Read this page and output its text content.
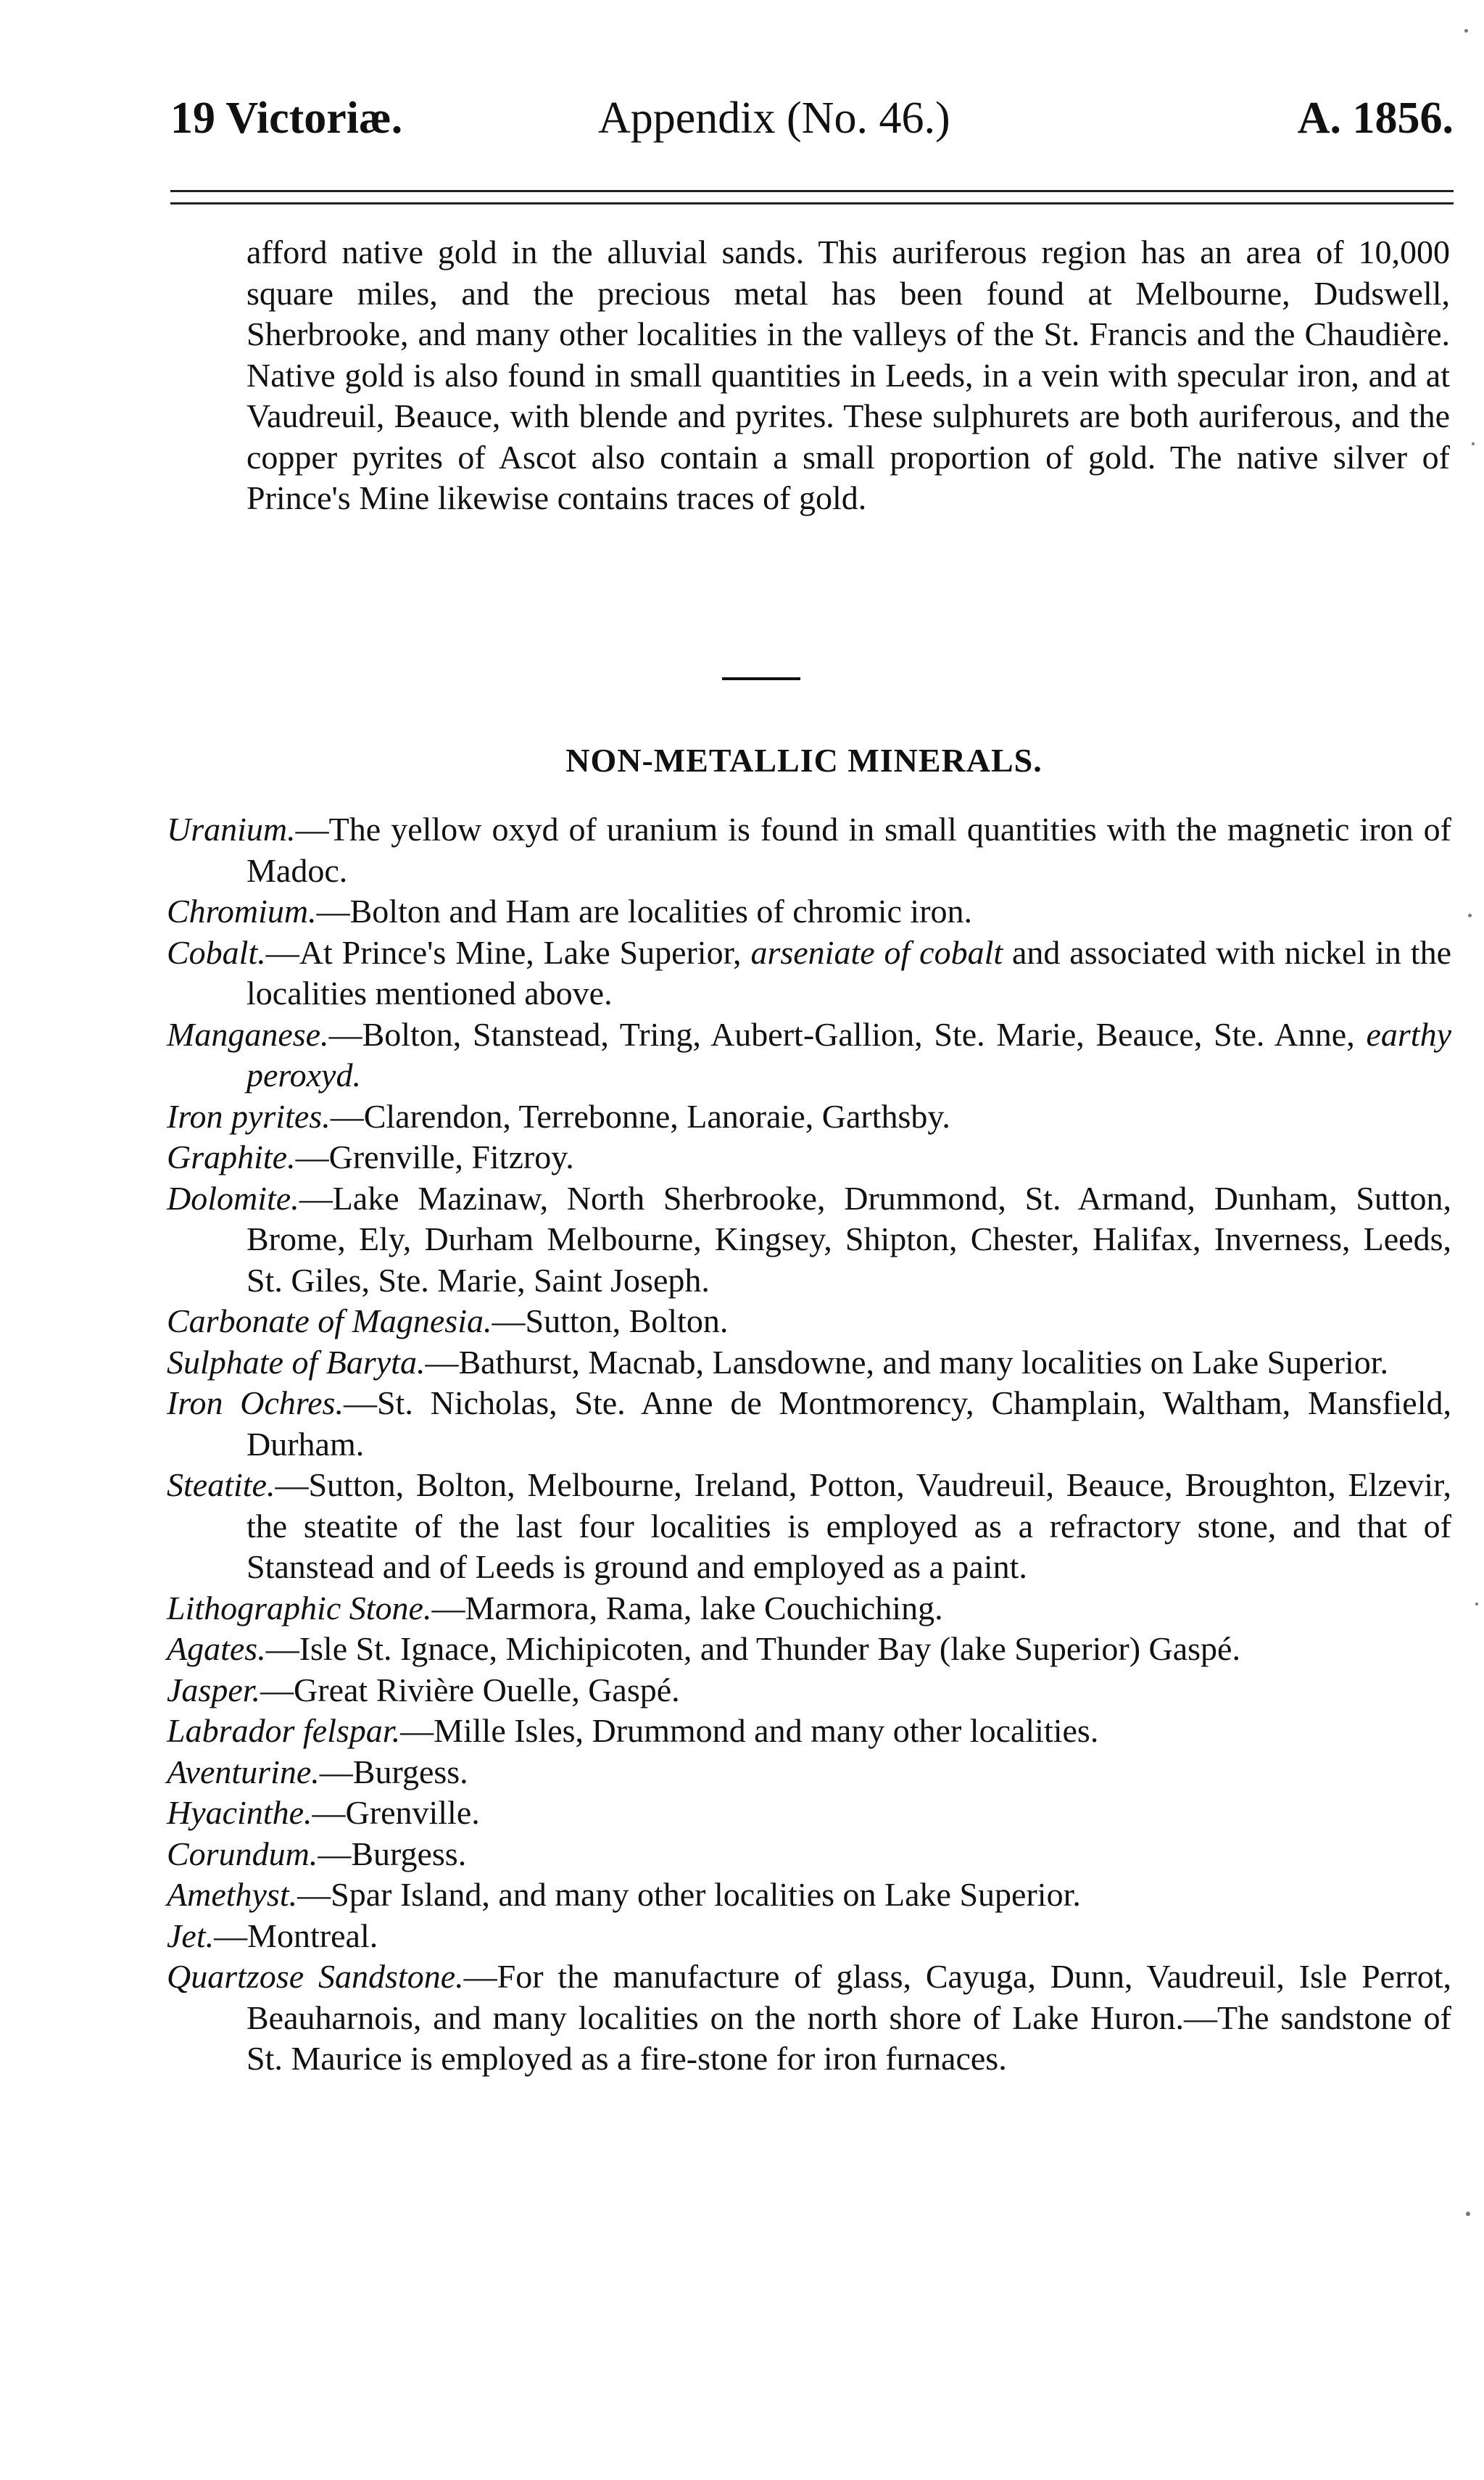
19 Victoriæ.	Appendix (No. 46.)	A. 1856.

afford native gold in the alluvial sands. This auriferous region has an area of 10,000 square miles, and the precious metal has been found at Melbourne, Dudswell, Sherbrooke, and many other localities in the valleys of the St. Francis and the Chaudière. Native gold is also found in small quantities in Leeds, in a vein with specular iron, and at Vaudreuil, Beauce, with blende and pyrites. These sulphurets are both auriferous, and the copper pyrites of Ascot also contain a small proportion of gold. The native silver of Prince's Mine likewise contains traces of gold.

NON-METALLIC MINERALS.
Uranium.—The yellow oxyd of uranium is found in small quantities with the magnetic iron of Madoc.
Chromium.—Bolton and Ham are localities of chromic iron.
Cobalt.—At Prince's Mine, Lake Superior, arseniate of cobalt and associated with nickel in the localities mentioned above.
Manganese.—Bolton, Stanstead, Tring, Aubert-Gallion, Ste. Marie, Beauce, Ste. Anne, earthy peroxyd.
Iron pyrites.—Clarendon, Terrebonne, Lanoraie, Garthsby.
Graphite.—Grenville, Fitzroy.
Dolomite.—Lake Mazinaw, North Sherbrooke, Drummond, St. Armand, Dunham, Sutton, Brome, Ely, Durham Melbourne, Kingsey, Shipton, Chester, Halifax, Inverness, Leeds, St. Giles, Ste. Marie, Saint Joseph.
Carbonate of Magnesia.—Sutton, Bolton.
Sulphate of Baryta.—Bathurst, Macnab, Lansdowne, and many localities on Lake Superior.
Iron Ochres.—St. Nicholas, Ste. Anne de Montmorency, Champlain, Waltham, Mansfield, Durham.
Steatite.—Sutton, Bolton, Melbourne, Ireland, Potton, Vaudreuil, Beauce, Broughton, Elzevir, the steatite of the last four localities is employed as a refractory stone, and that of Stanstead and of Leeds is ground and employed as a paint.
Lithographic Stone.—Marmora, Rama, lake Couchiching.
Agates.—Isle St. Ignace, Michipicoten, and Thunder Bay (lake Superior) Gaspé.
Jasper.—Great Rivière Ouelle, Gaspé.
Labrador felspar.—Mille Isles, Drummond and many other localities.
Aventurine.—Burgess.
Hyacinthe.—Grenville.
Corundum.—Burgess.
Amethyst.—Spar Island, and many other localities on Lake Superior.
Jet.—Montreal.
Quartzose Sandstone.—For the manufacture of glass, Cayuga, Dunn, Vaudreuil, Isle Perrot, Beauharnois, and many localities on the north shore of Lake Huron.—The sandstone of St. Maurice is employed as a fire-stone for iron furnaces.
